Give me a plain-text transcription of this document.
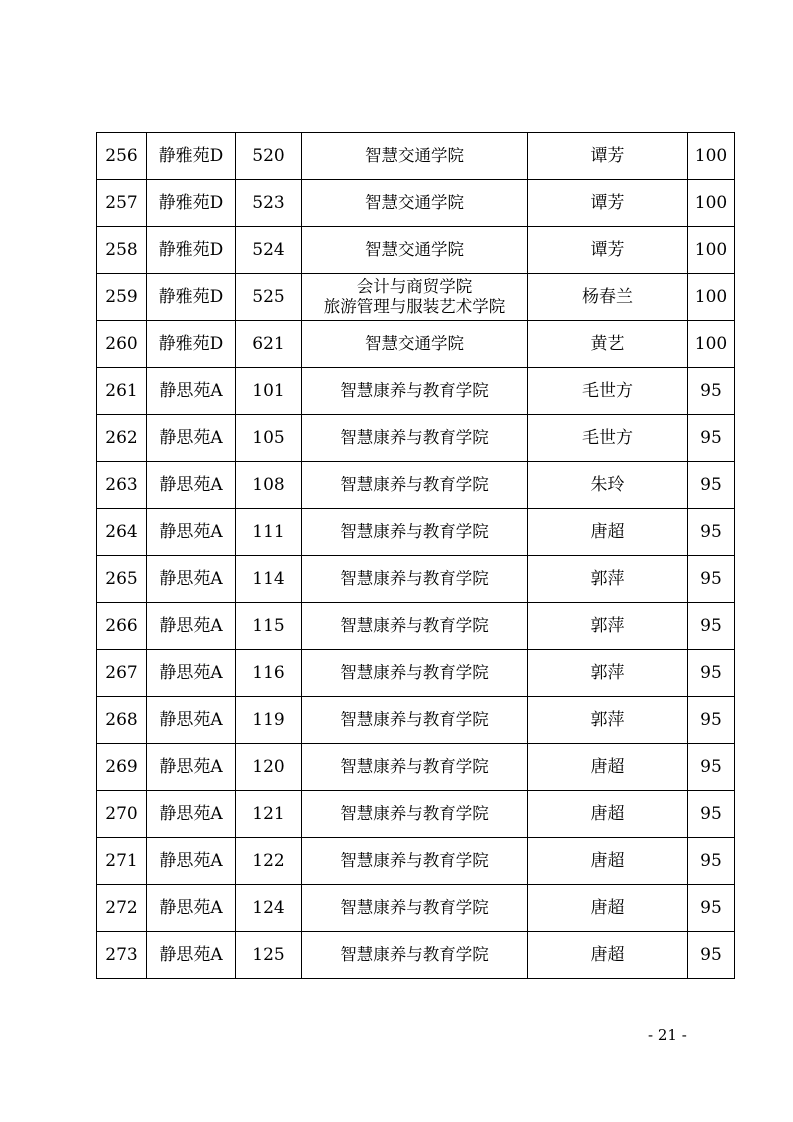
256	静雅苑D	520	智慧交通学院	谭芳	100
257	静雅苑D	523	智慧交通学院	谭芳	100
258	静雅苑D	524	智慧交通学院	谭芳	100
259	静雅苑D	525	会计与商贸学院
旅游管理与服装艺术学院	杨春兰	100
260	静雅苑D	621	智慧交通学院	黄艺	100
261	静思苑A	101	智慧康养与教育学院	毛世方	95
262	静思苑A	105	智慧康养与教育学院	毛世方	95
263	静思苑A	108	智慧康养与教育学院	朱玲	95
264	静思苑A	111	智慧康养与教育学院	唐超	95
265	静思苑A	114	智慧康养与教育学院	郭萍	95
266	静思苑A	115	智慧康养与教育学院	郭萍	95
267	静思苑A	116	智慧康养与教育学院	郭萍	95
268	静思苑A	119	智慧康养与教育学院	郭萍	95
269	静思苑A	120	智慧康养与教育学院	唐超	95
270	静思苑A	121	智慧康养与教育学院	唐超	95
271	静思苑A	122	智慧康养与教育学院	唐超	95
272	静思苑A	124	智慧康养与教育学院	唐超	95
273	静思苑A	125	智慧康养与教育学院	唐超	95
- 21 -
